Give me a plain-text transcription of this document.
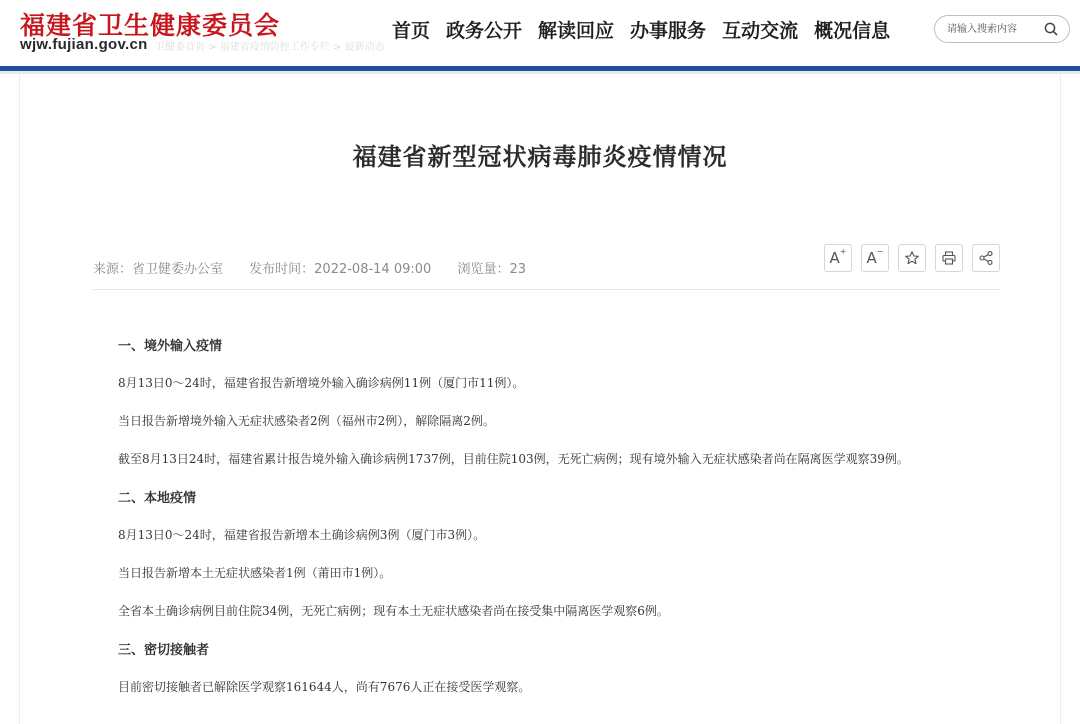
福建省卫生健康委员会
wjw.fujian.gov.cn 卫健委首页 > 福建省疫情防控工作专栏 > 最新动态
首页 政务公开 解读回应 办事服务 互动交流 概况信息
请输入搜索内容
福建省新型冠状病毒肺炎疫情情况
来源：省卫健委办公室 发布时间：2022-08-14 09:00 浏览量：23
A+ A−
一、境外输入疫情
8月13日0～24时，福建省报告新增境外输入确诊病例11例（厦门市11例）。
当日报告新增境外输入无症状感染者2例（福州市2例），解除隔离2例。
截至8月13日24时，福建省累计报告境外输入确诊病例1737例，目前住院103例，无死亡病例；现有境外输入无症状感染者尚在隔离医学观察39例。
二、本地疫情
8月13日0～24时，福建省报告新增本土确诊病例3例（厦门市3例）。
当日报告新增本土无症状感染者1例（莆田市1例）。
全省本土确诊病例目前住院34例，无死亡病例；现有本土无症状感染者尚在接受集中隔离医学观察6例。
三、密切接触者
目前密切接触者已解除医学观察161644人，尚有7676人正在接受医学观察。
